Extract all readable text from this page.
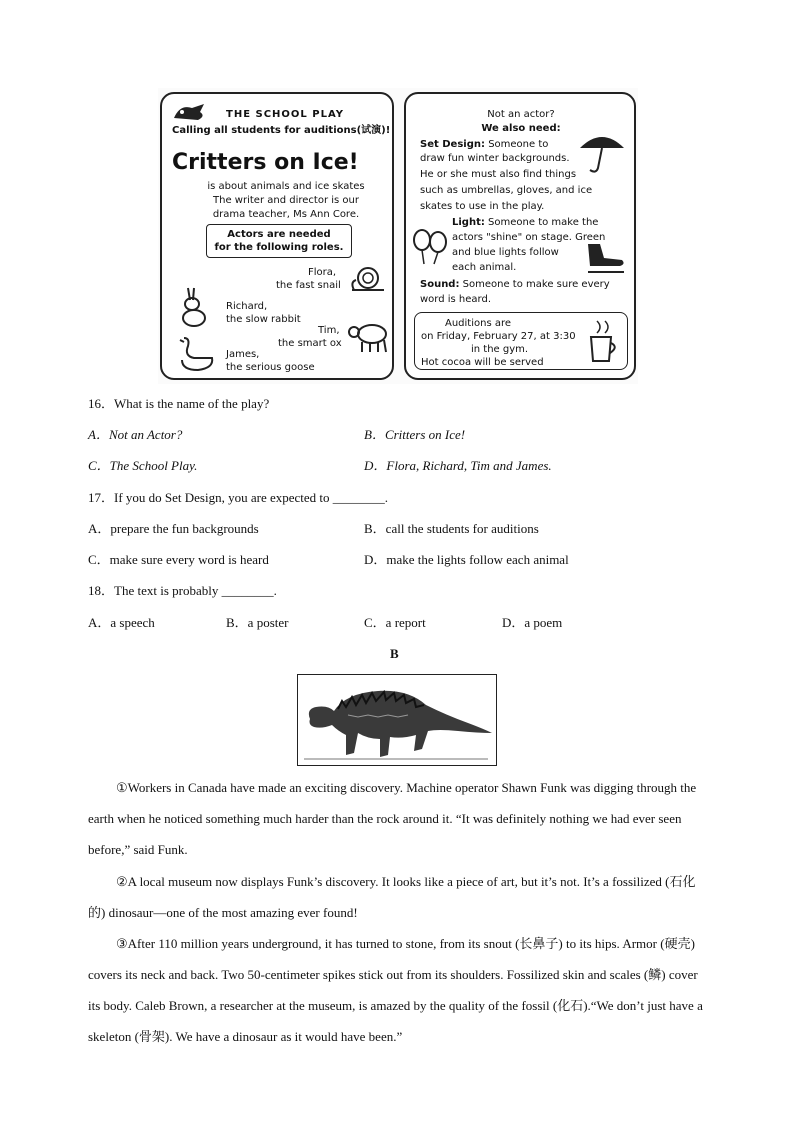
THE SCHOOL PLAY
Calling all students for auditions(试演)!
Critters on Ice!
is about animals and ice skates
The writer and director is our
drama teacher, Ms Ann Core.
Actors are needed
for the following roles.
Flora,
the fast snail
Richard,
the slow rabbit
Tim,
the smart ox
James,
the serious goose
Not an actor?
We also need:
Set Design: Someone to
draw fun winter backgrounds.
He or she must also find things
such as umbrellas, gloves, and ice
skates to use in the play.
Light: Someone to make the
actors "shine" on stage. Green
and blue lights follow
each animal.
Sound: Someone to make sure every
word is heard.
Auditions are
on Friday, February 27, at 3:30
in the gym.
Hot cocoa will be served
16．What is the name of the play?
A．Not an Actor?	B．Critters on Ice!
C．The School Play.	D．Flora, Richard, Tim and James.
17．If you do Set Design, you are expected to ________.
A．prepare the fun backgrounds	B．call the students for auditions
C．make sure every word is heard	D．make the lights follow each animal
18．The text is probably ________.
A．a speech	B．a poster	C．a report	D．a poem
B
①Workers in Canada have made an exciting discovery. Machine operator Shawn Funk was digging through the earth when he noticed something much harder than the rock around it. “It was definitely nothing we had ever seen before,” said Funk.
②A local museum now displays Funk’s discovery. It looks like a piece of art, but it’s not. It’s a fossilized (石化的) dinosaur—one of the most amazing ever found!
③After 110 million years underground, it has turned to stone, from its snout (长鼻子) to its hips. Armor (硬壳) covers its neck and back. Two 50-centimeter spikes stick out from its shoulders. Fossilized skin and scales (鳞) cover its body. Caleb Brown, a researcher at the museum, is amazed by the quality of the fossil (化石).“We don’t just have a skeleton (骨架). We have a dinosaur as it would have been.”
